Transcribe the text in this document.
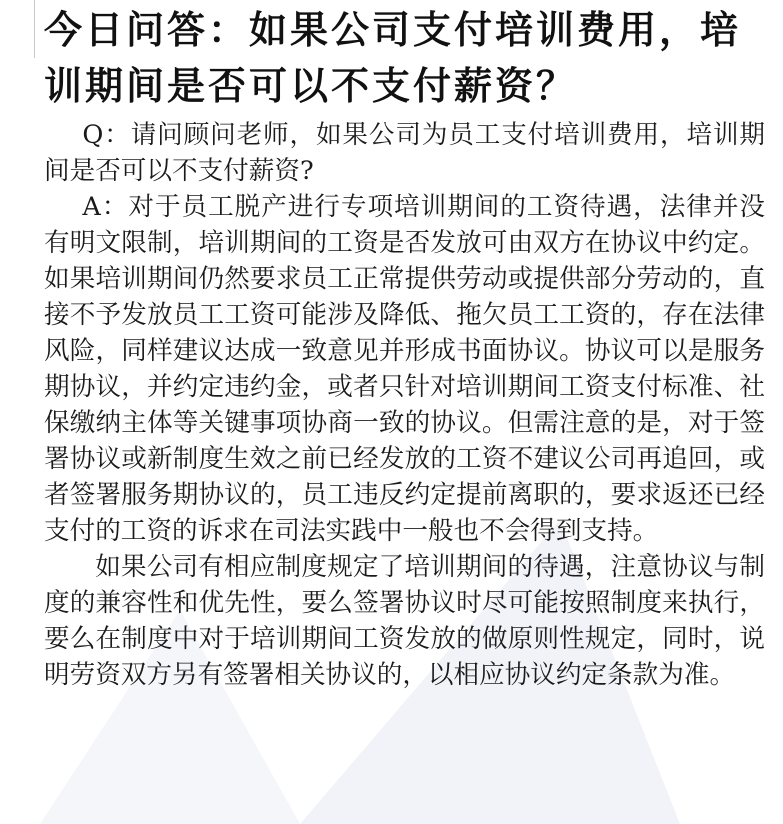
今日问答：如果公司支付培训费用，培训期间是否可以不支付薪资？

Q：请问顾问老师，如果公司为员工支付培训费用，培训期间是否可以不支付薪资?

A：对于员工脱产进行专项培训期间的工资待遇，法律并没有明文限制，培训期间的工资是否发放可由双方在协议中约定。如果培训期间仍然要求员工正常提供劳动或提供部分劳动的，直接不予发放员工工资可能涉及降低、拖欠员工工资的，存在法律风险，同样建议达成一致意见并形成书面协议。协议可以是服务期协议，并约定违约金，或者只针对培训期间工资支付标准、社保缴纳主体等关键事项协商一致的协议。但需注意的是，对于签署协议或新制度生效之前已经发放的工资不建议公司再追回，或者签署服务期协议的，员工违反约定提前离职的，要求返还已经支付的工资的诉求在司法实践中一般也不会得到支持。

如果公司有相应制度规定了培训期间的待遇，注意协议与制度的兼容性和优先性，要么签署协议时尽可能按照制度来执行，要么在制度中对于培训期间工资发放的做原则性规定，同时，说明劳资双方另有签署相关协议的，以相应协议约定条款为准。
